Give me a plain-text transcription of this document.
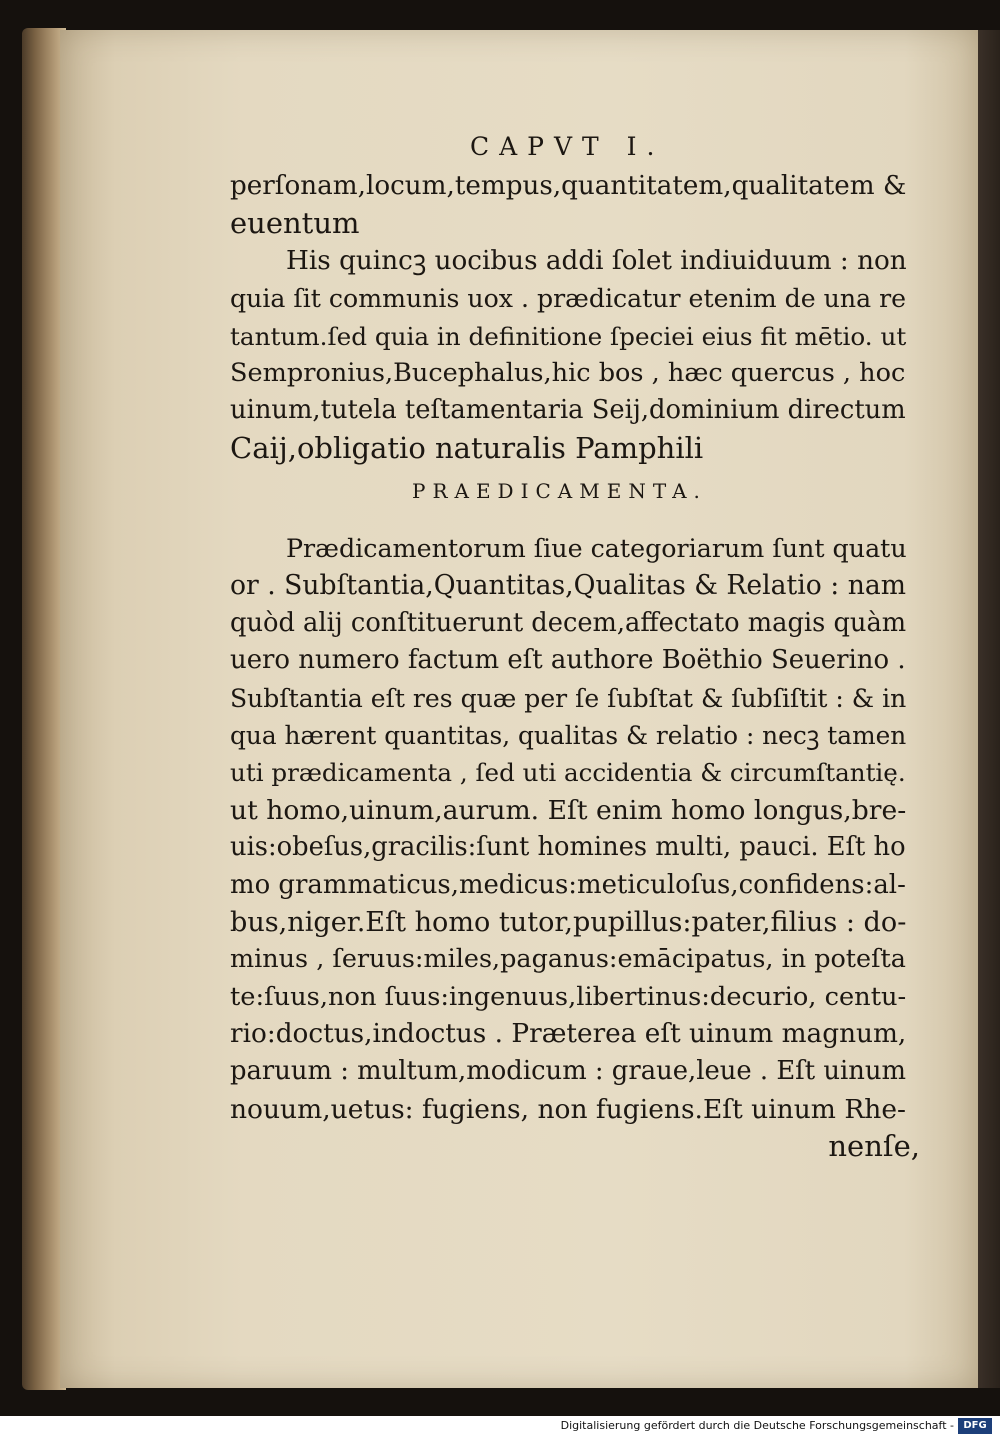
CAPVT I.
perſonam,locum,tempus,quantitatem,qualitatem &
euentum
His quincꝫ uocibus addi ſolet indiuiduum : non
quia ſit communis uox . prædicatur etenim de una re
tantum.ſed quia in definitione ſpeciei eius fit mētio. ut
Sempronius,Bucephalus,hic bos , hæc quercus , hoc
uinum,tutela teſtamentaria Seij,dominium directum
Caij,obligatio naturalis Pamphili
PRAEDICAMENTA.
Prædicamentorum ſiue categoriarum ſunt quatu
or . Subſtantia,Quantitas,Qualitas & Relatio : nam
quòd alij conſtituerunt decem,affectato magis quàm
uero numero factum eſt authore Boëthio Seuerino .
Subſtantia eſt res quæ per ſe ſubſtat & ſubſiſtit : & in
qua hærent quantitas, qualitas & relatio : necꝫ tamen
uti prædicamenta , ſed uti accidentia & circumſtantię.
ut homo,uinum,aurum. Eſt enim homo longus,bre-
uis:obeſus,gracilis:ſunt homines multi, pauci. Eſt ho
mo grammaticus,medicus:meticuloſus,confidens:al-
bus,niger.Eſt homo tutor,pupillus:pater,filius : do-
minus , ſeruus:miles,paganus:emācipatus, in poteſta
te:ſuus,non ſuus:ingenuus,libertinus:decurio, centu-
rio:doctus,indoctus . Præterea eſt uinum magnum,
paruum : multum,modicum : graue,leue . Eſt uinum
nouum,uetus: fugiens, non fugiens.Eſt uinum Rhe-
nenſe,
Digitalisierung gefördert durch die Deutsche Forschungsgemeinschaft - DFG
